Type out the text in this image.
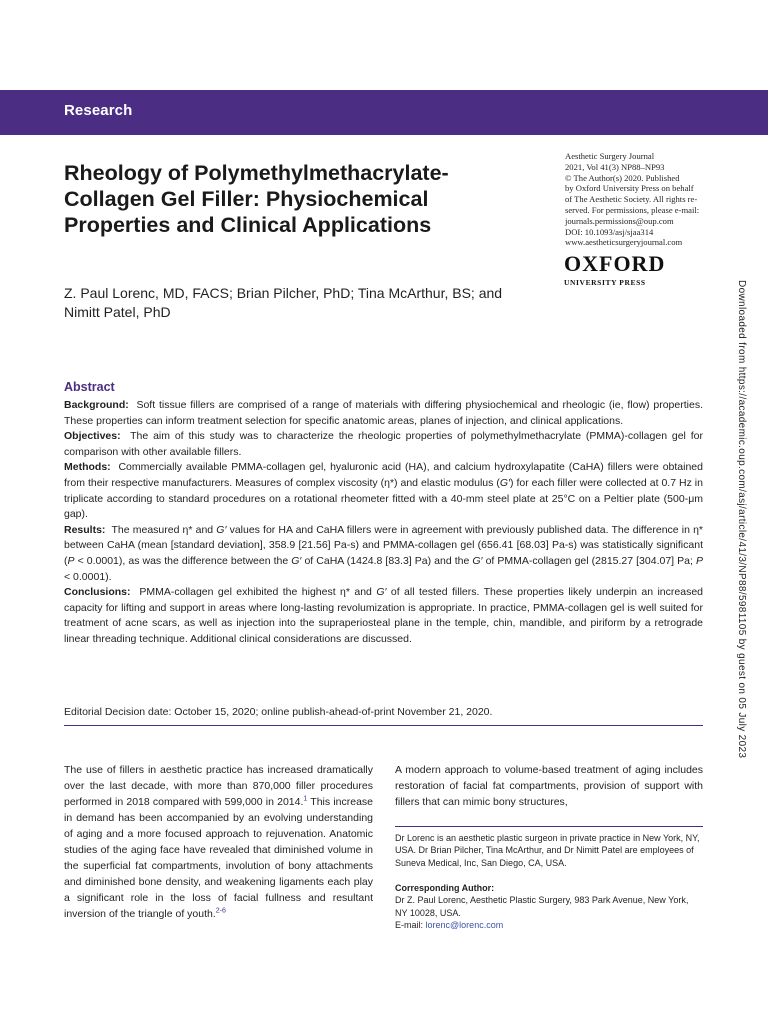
Research
Rheology of Polymethylmethacrylate-Collagen Gel Filler: Physiochemical Properties and Clinical Applications
Aesthetic Surgery Journal
2021, Vol 41(3) NP88–NP93
© The Author(s) 2020. Published
by Oxford University Press on behalf
of The Aesthetic Society. All rights re-
served. For permissions, please e-mail:
journals.permissions@oup.com
DOI: 10.1093/asj/sjaa314
www.aestheticsurgeryjournal.com
OXFORD
UNIVERSITY PRESS

Z. Paul Lorenc, MD, FACS; Brian Pilcher, PhD; Tina McArthur, BS; and Nimitt Patel, PhD	Downloaded from https://academic.oup.com/asj/article/41/3/NP88/5981105 by guest on 05 July 2023
Abstract

Background: Soft tissue fillers are comprised of a range of materials with differing physiochemical and rheologic (ie, flow) properties. These properties can inform treatment selection for specific anatomic areas, planes of injection, and clinical applications.

Objectives: The aim of this study was to characterize the rheologic properties of polymethylmethacrylate (PMMA)-collagen gel for comparison with other available fillers.

Methods: Commercially available PMMA-collagen gel, hyaluronic acid (HA), and calcium hydroxylapatite (CaHA) fillers were obtained from their respective manufacturers. Measures of complex viscosity (η*) and elastic modulus (G′) for each filler were collected at 0.7 Hz in triplicate according to standard procedures on a rotational rheometer fitted with a 40-mm steel plate at 25°C on a Peltier plate (500-μm gap).

Results: The measured η* and G′ values for HA and CaHA fillers were in agreement with previously published data. The difference in η* between CaHA (mean [standard deviation], 358.9 [21.56] Pa-s) and PMMA-collagen gel (656.41 [68.03] Pa-s) was statistically significant (P < 0.0001), as was the difference between the G′ of CaHA (1424.8 [83.3] Pa) and the G′ of PMMA-collagen gel (2815.27 [304.07] Pa; P < 0.0001).

Conclusions: PMMA-collagen gel exhibited the highest η* and G′ of all tested fillers. These properties likely underpin an increased capacity for lifting and support in areas where long-lasting revolumization is appropriate. In practice, PMMA-collagen gel is well suited for treatment of acne scars, as well as injection into the supraperiosteal plane in the temple, chin, mandible, and piriform by a retrograde linear threading technique. Additional clinical considerations are discussed.

Editorial Decision date: October 15, 2020; online publish-ahead-of-print November 21, 2020.

The use of fillers in aesthetic practice has increased dramatically over the last decade, with more than 870,000 filler procedures performed in 2018 compared with 599,000 in 2014.$^1$ This increase in demand has been accompanied by an evolving understanding of aging and a more focused approach to rejuvenation. Anatomic studies of the aging face have revealed that diminished volume in the superficial fat compartments, involution of bony attachments and diminished bone density, and weakening ligaments each play a significant role in the loss of facial fullness and resultant inversion of the triangle of youth.$^{2-6}$
A modern approach to volume-based treatment of aging includes restoration of facial fat compartments, provision of support with fillers that can mimic bony structures,

Dr Lorenc is an aesthetic plastic surgeon in private practice in New York, NY, USA. Dr Brian Pilcher, Tina McArthur, and Dr Nimitt Patel are employees of Suneva Medical, Inc, San Diego, CA, USA.

Corresponding Author:
Dr Z. Paul Lorenc, Aesthetic Plastic Surgery, 983 Park Avenue, New York, NY 10028, USA.
E-mail: lorenc@lorenc.com
